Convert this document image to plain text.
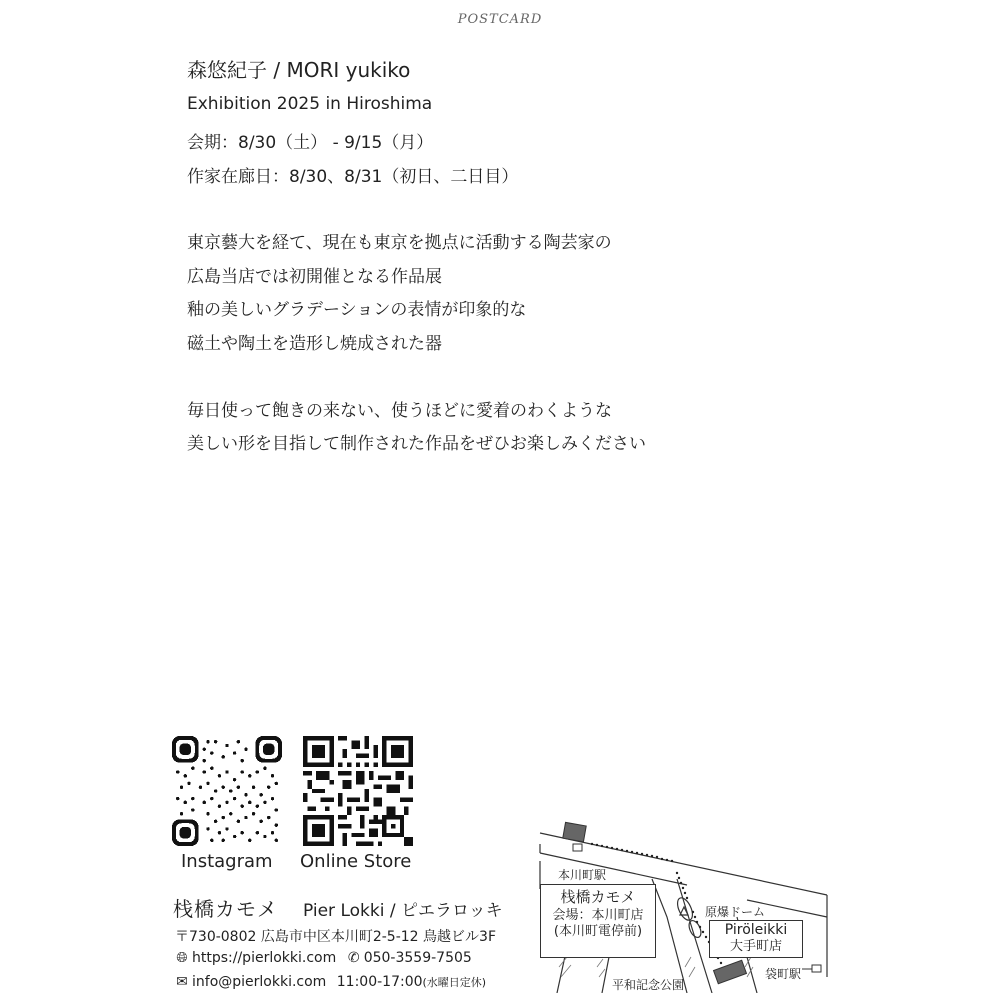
POSTCARD
森悠紀子 / MORI yukiko
Exhibition 2025 in Hiroshima
会期：8/30（土） - 9/15（月）
作家在廊日：8/30、8/31（初日、二日目）
東京藝大を経て、現在も東京を拠点に活動する陶芸家の
広島当店では初開催となる作品展
釉の美しいグラデーションの表情が印象的な
磁土や陶土を造形し焼成された器
毎日使って飽きの来ない、使うほどに愛着のわくような
美しい形を目指して制作された作品をぜひお楽しみください
Instagram Online Store
栈橋カモメ Pier Lokki / ピエラロッキ
〒730-0802 広島市中区本川町2-5-12 鳥越ビル3F
🌐︎ https://pierlokki.com ✆ 050-3559-7505
✉ info@pierlokki.com 11:00-17:00(水曜日定休)
本川町駅
栈橋カモメ
会場：本川町店
(本川町電停前)
原爆ドーム
Piröleikki
大手町店
袋町駅
平和記念公園
